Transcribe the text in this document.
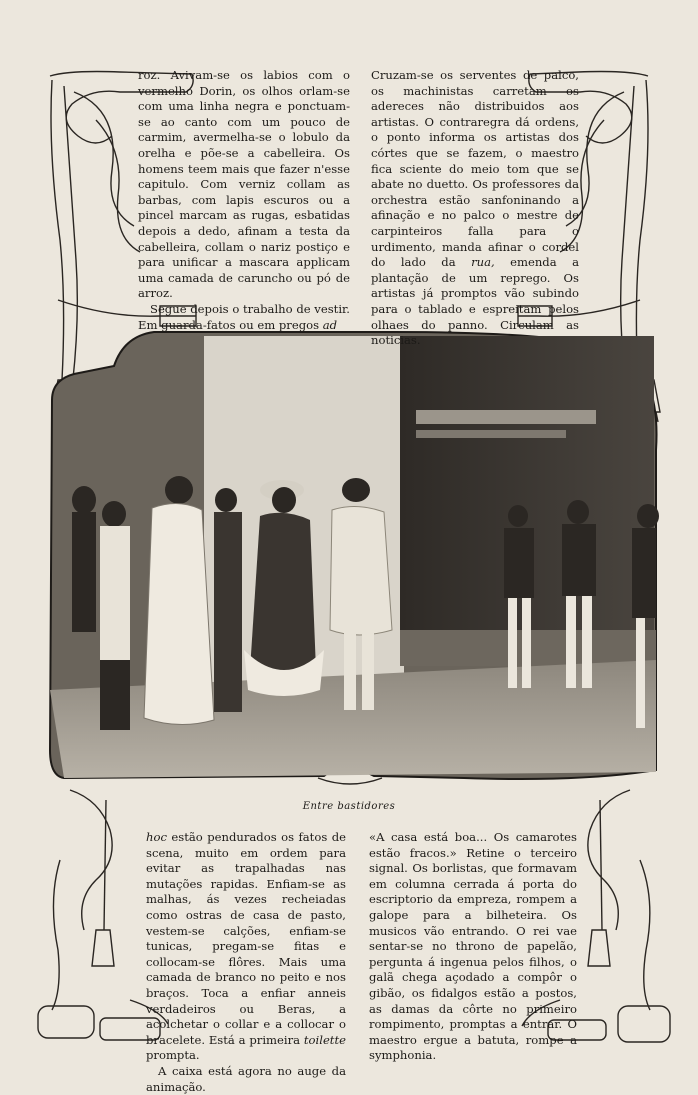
roz. Avivam-se os labios com o vermelho Dorin, os olhos orlam-se com uma linha negra e ponctuam-se ao canto com um pouco de carmim, avermelha-se o lobulo da orelha e põe-se a cabelleira. Os homens teem mais que fazer n'esse capitulo. Com verniz collam as barbas, com lapis escuros ou a pincel marcam as rugas, esbatidas depois a dedo, afinam a testa da cabelleira, collam o nariz postiço e para unificar a mascara applicam uma camada de caruncho ou pó de arroz.

Segue depois o trabalho de vestir. Em guarda-fatos ou em pregos ad

Cruzam-se os serventes de palco, os machinistas carretam os adereces não distribuidos aos artistas. O contraregra dá ordens, o ponto informa os artistas dos córtes que se fazem, o maestro fica sciente do meio tom que se abate no duetto. Os professores da orchestra estão sanfoninando a afinação e no palco o mestre de carpinteiros falla para o urdimento, manda afinar o cordel do lado da rua, emenda a plantação de um reprego. Os artistas já promptos vão subindo para o tablado e espreitam pelos olhaes do panno. Circulam as noticias.

Entre bastidores

hoc estão pendurados os fatos de scena, muito em ordem para evitar as trapalhadas nas mutações rapidas. Enfiam-se as malhas, ás vezes recheiadas como ostras de casa de pasto, vestem-se calções, enfiam-se tunicas, pregam-se fitas e collocam-se flôres. Mais uma camada de branco no peito e nos braços. Toca a enfiar anneis verdadeiros ou Beras, a acolchetar o collar e a collocar o bracelete. Está a primeira toilette prompta.

A caixa está agora no auge da animação.

«A casa está boa... Os camarotes estão fracos.» Retine o terceiro signal. Os borlistas, que formavam em columna cerrada á porta do escriptorio da empreza, rompem a galope para a bilheteira. Os musicos vão entrando. O rei vae sentar-se no throno de papelão, pergunta á ingenua pelos filhos, o galã chega açodado a compôr o gibão, os fidalgos estão a postos, as damas da côrte no primeiro rompimento, promptas a entrar. O maestro ergue a batuta, rompe a symphonia.
